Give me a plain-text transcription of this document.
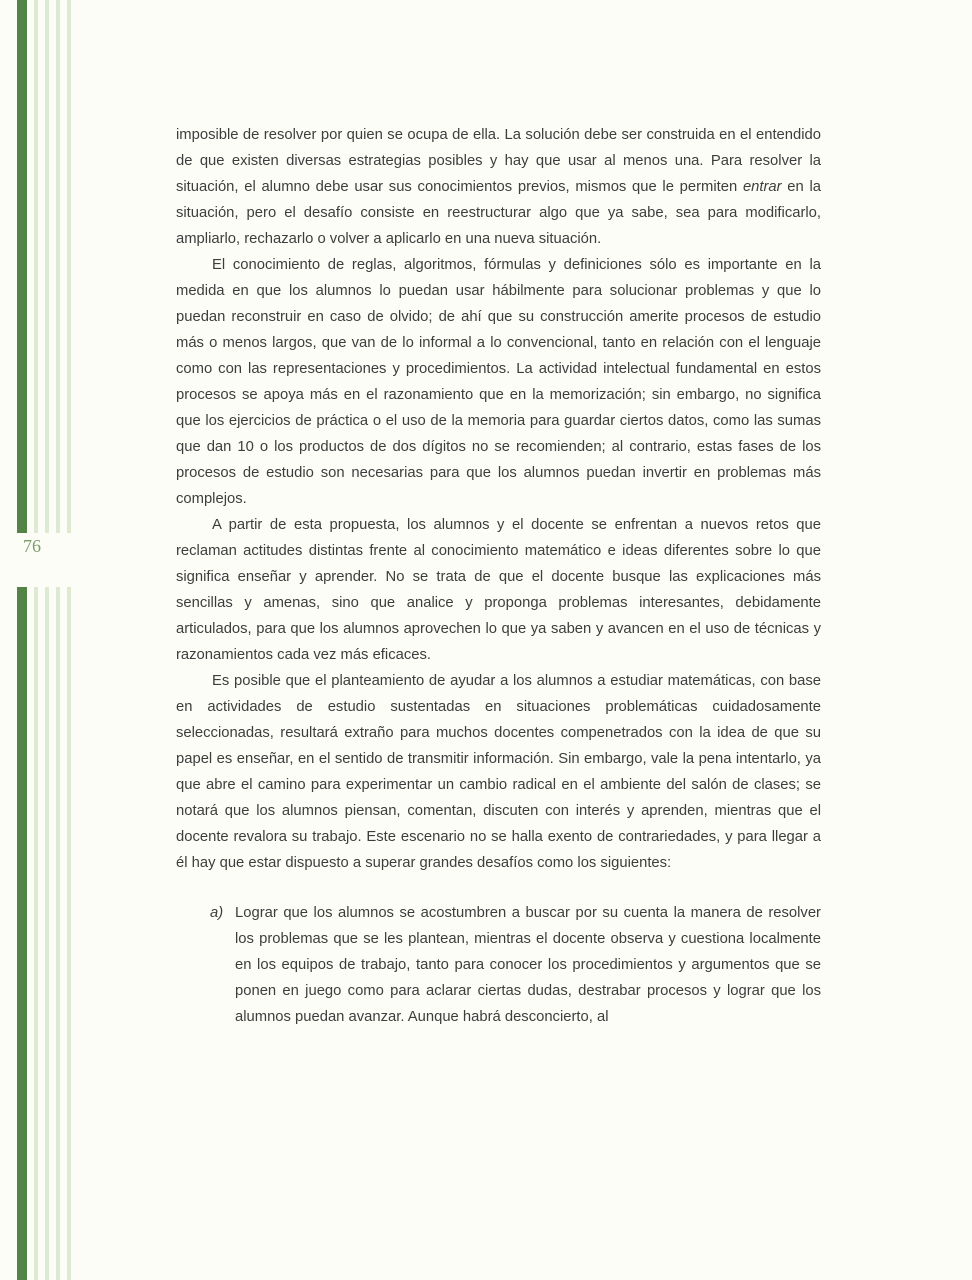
76

imposible de resolver por quien se ocupa de ella. La solución debe ser construida en el entendido de que existen diversas estrategias posibles y hay que usar al menos una. Para resolver la situación, el alumno debe usar sus conocimientos previos, mismos que le permiten entrar en la situación, pero el desafío consiste en reestructurar algo que ya sabe, sea para modificarlo, ampliarlo, rechazarlo o volver a aplicarlo en una nueva situación.

El conocimiento de reglas, algoritmos, fórmulas y definiciones sólo es importante en la medida en que los alumnos lo puedan usar hábilmente para solucionar problemas y que lo puedan reconstruir en caso de olvido; de ahí que su construcción amerite procesos de estudio más o menos largos, que van de lo informal a lo convencional, tanto en relación con el lenguaje como con las representaciones y procedimientos. La actividad intelectual fundamental en estos procesos se apoya más en el razonamiento que en la memorización; sin embargo, no significa que los ejercicios de práctica o el uso de la memoria para guardar ciertos datos, como las sumas que dan 10 o los productos de dos dígitos no se recomienden; al contrario, estas fases de los procesos de estudio son necesarias para que los alumnos puedan invertir en problemas más complejos.

A partir de esta propuesta, los alumnos y el docente se enfrentan a nuevos retos que reclaman actitudes distintas frente al conocimiento matemático e ideas diferentes sobre lo que significa enseñar y aprender. No se trata de que el docente busque las explicaciones más sencillas y amenas, sino que analice y proponga problemas interesantes, debidamente articulados, para que los alumnos aprovechen lo que ya saben y avancen en el uso de técnicas y razonamientos cada vez más eficaces.

Es posible que el planteamiento de ayudar a los alumnos a estudiar matemáticas, con base en actividades de estudio sustentadas en situaciones problemáticas cuidadosamente seleccionadas, resultará extraño para muchos docentes compenetrados con la idea de que su papel es enseñar, en el sentido de transmitir información. Sin embargo, vale la pena intentarlo, ya que abre el camino para experimentar un cambio radical en el ambiente del salón de clases; se notará que los alumnos piensan, comentan, discuten con interés y aprenden, mientras que el docente revalora su trabajo. Este escenario no se halla exento de contrariedades, y para llegar a él hay que estar dispuesto a superar grandes desafíos como los siguientes:

a) Lograr que los alumnos se acostumbren a buscar por su cuenta la manera de resolver los problemas que se les plantean, mientras el docente observa y cuestiona localmente en los equipos de trabajo, tanto para conocer los procedimientos y argumentos que se ponen en juego como para aclarar ciertas dudas, destrabar procesos y lograr que los alumnos puedan avanzar. Aunque habrá desconcierto, al
